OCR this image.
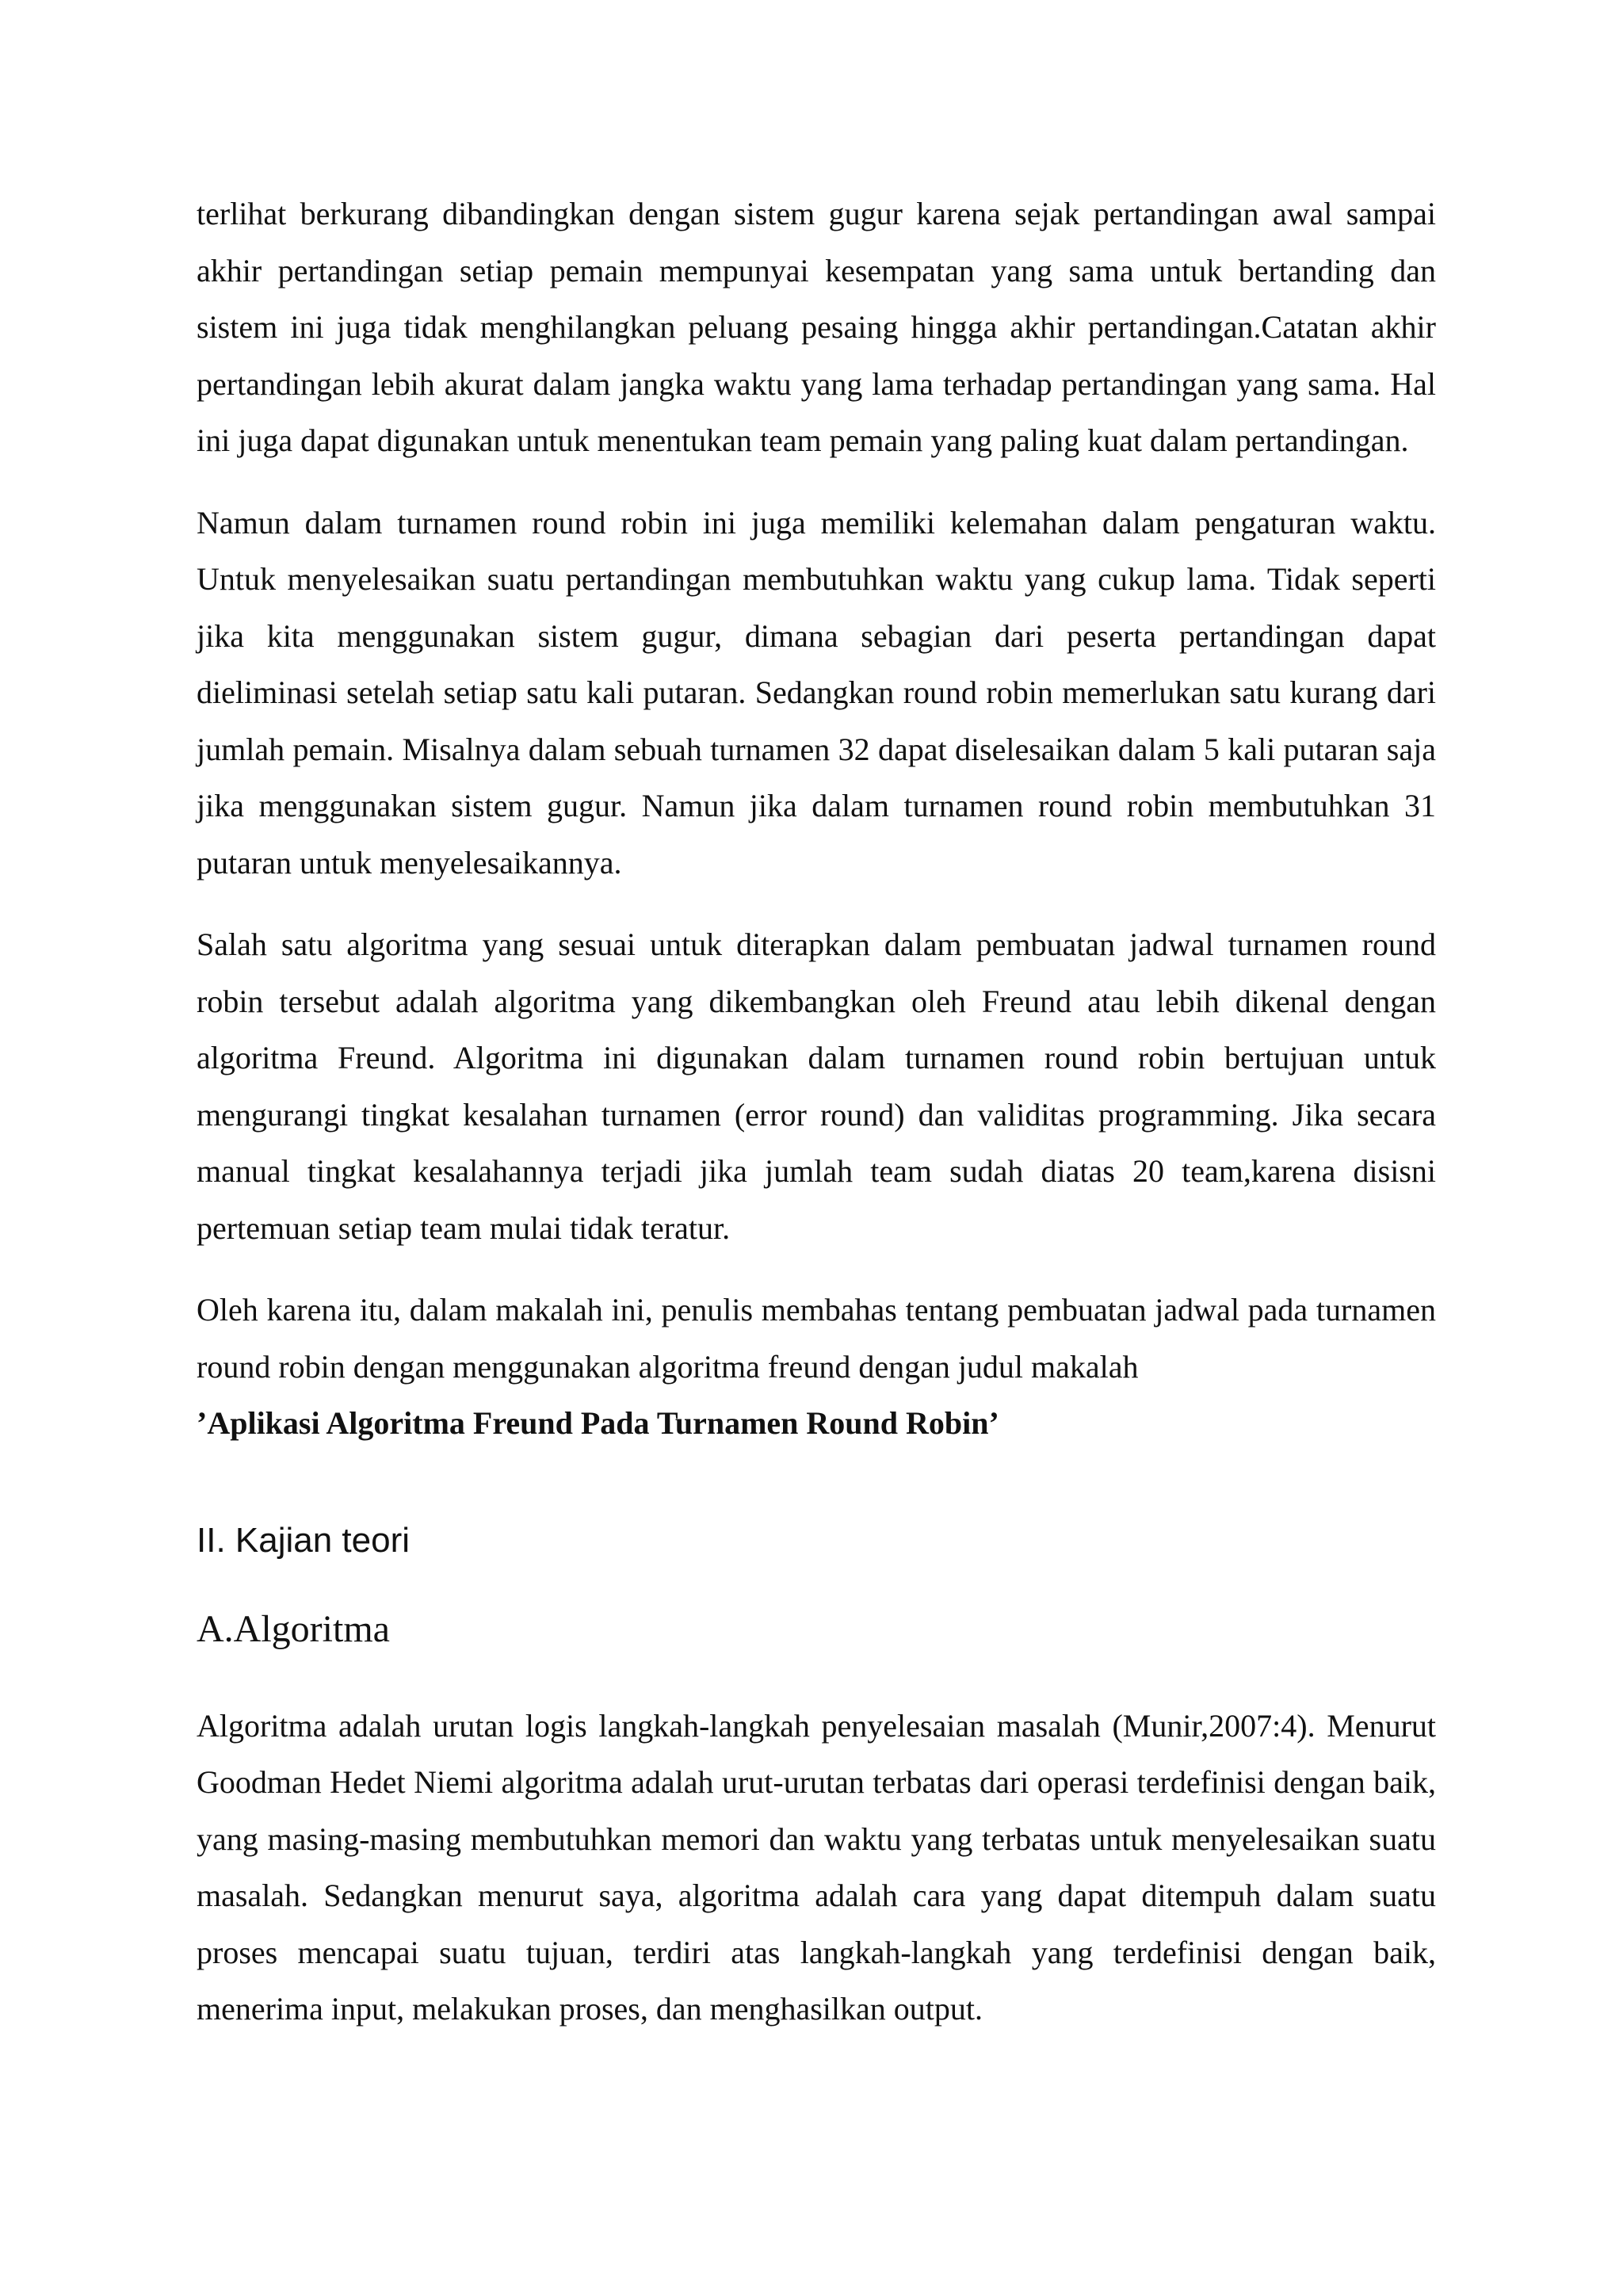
terlihat berkurang dibandingkan dengan sistem gugur karena sejak pertandingan awal sampai akhir pertandingan setiap pemain mempunyai kesempatan yang sama untuk bertanding dan sistem ini juga tidak menghilangkan peluang pesaing hingga akhir pertandingan.Catatan akhir pertandingan lebih akurat dalam jangka waktu yang lama terhadap pertandingan yang sama. Hal ini juga dapat digunakan untuk menentukan team pemain yang paling kuat dalam pertandingan.

Namun dalam turnamen round robin ini juga memiliki kelemahan dalam pengaturan waktu. Untuk menyelesaikan suatu pertandingan membutuhkan waktu yang cukup lama. Tidak seperti jika kita menggunakan sistem gugur, dimana sebagian dari peserta pertandingan dapat dieliminasi setelah setiap satu kali putaran. Sedangkan round robin memerlukan satu kurang dari jumlah pemain. Misalnya dalam sebuah turnamen 32 dapat diselesaikan dalam 5 kali putaran saja jika menggunakan sistem gugur. Namun jika dalam turnamen round robin membutuhkan 31 putaran untuk menyelesaikannya.

Salah satu algoritma yang sesuai untuk diterapkan dalam pembuatan jadwal turnamen round robin tersebut adalah algoritma yang dikembangkan oleh Freund atau lebih dikenal dengan algoritma Freund. Algoritma ini digunakan dalam turnamen round robin bertujuan untuk mengurangi tingkat kesalahan turnamen (error round) dan validitas programming. Jika secara manual tingkat kesalahannya terjadi jika jumlah team sudah diatas 20 team,karena disisni pertemuan setiap team mulai tidak teratur.

Oleh karena itu, dalam makalah ini, penulis membahas tentang pembuatan jadwal pada turnamen round robin dengan menggunakan algoritma freund dengan judul makalah
’Aplikasi Algoritma Freund Pada Turnamen Round Robin’

II. Kajian teori
A.Algoritma

Algoritma adalah urutan logis langkah-langkah penyelesaian masalah (Munir,2007:4). Menurut Goodman Hedet Niemi algoritma adalah urut-urutan terbatas dari operasi terdefinisi dengan baik, yang masing-masing membutuhkan memori dan waktu yang terbatas untuk menyelesaikan suatu masalah. Sedangkan menurut saya, algoritma adalah cara yang dapat ditempuh dalam suatu proses mencapai suatu tujuan, terdiri atas langkah-langkah yang terdefinisi dengan baik, menerima input, melakukan proses, dan menghasilkan output.
